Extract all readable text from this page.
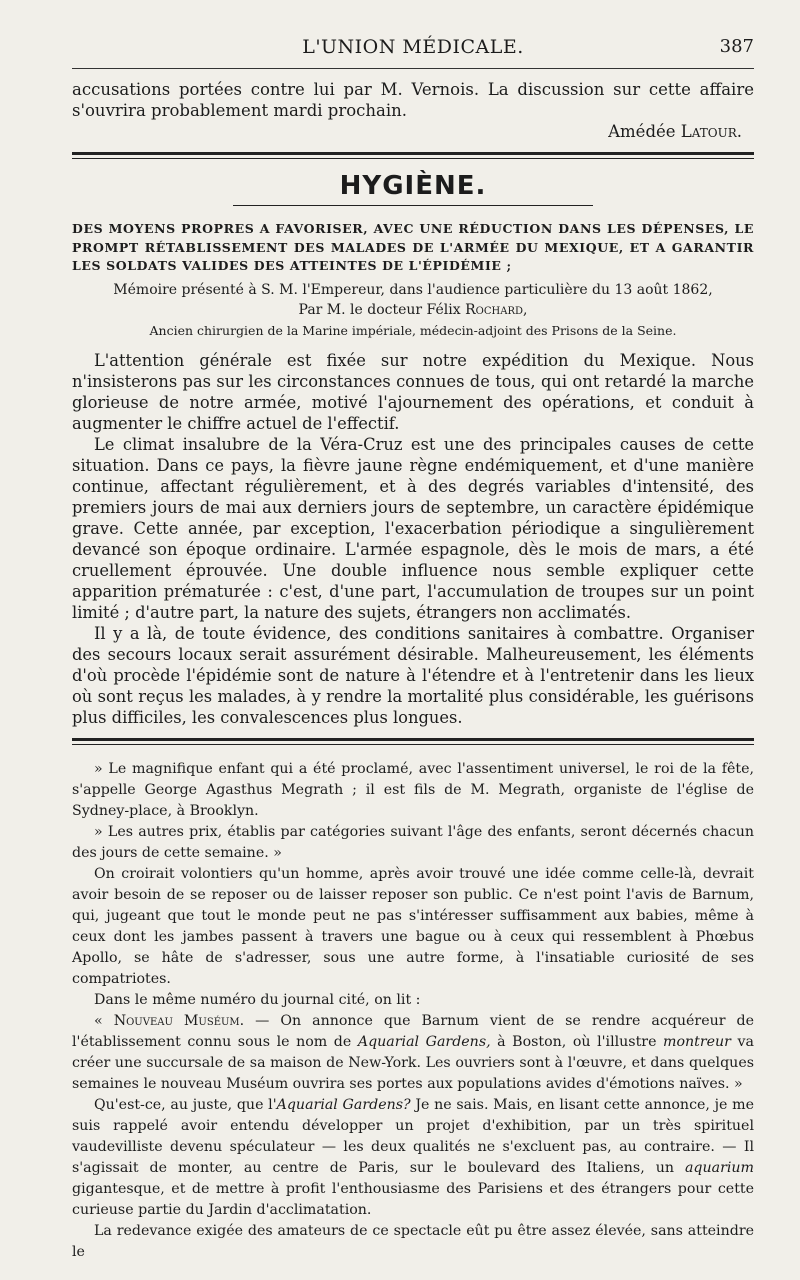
L'UNION MÉDICALE.	387

accusations portées contre lui par M. Vernois. La discussion sur cette affaire s'ouvrira probablement mardi prochain.

Amédée Latour.

HYGIÈNE.

DES MOYENS PROPRES A FAVORISER, AVEC UNE RÉDUCTION DANS LES DÉPENSES, LE PROMPT RÉTABLISSEMENT DES MALADES DE L'ARMÉE DU MEXIQUE, ET A GARANTIR LES SOLDATS VALIDES DES ATTEINTES DE L'ÉPIDÉMIE ;

Mémoire présenté à S. M. l'Empereur, dans l'audience particulière du 13 août 1862,

Par M. le docteur Félix Rochard,

Ancien chirurgien de la Marine impériale, médecin-adjoint des Prisons de la Seine.

L'attention générale est fixée sur notre expédition du Mexique. Nous n'insisterons pas sur les circonstances connues de tous, qui ont retardé la marche glorieuse de notre armée, motivé l'ajournement des opérations, et conduit à augmenter le chiffre actuel de l'effectif.

Le climat insalubre de la Véra-Cruz est une des principales causes de cette situation. Dans ce pays, la fièvre jaune règne endémiquement, et d'une manière continue, affectant régulièrement, et à des degrés variables d'intensité, des premiers jours de mai aux derniers jours de septembre, un caractère épidémique grave. Cette année, par exception, l'exacerbation périodique a singulièrement devancé son époque ordinaire. L'armée espagnole, dès le mois de mars, a été cruellement éprouvée. Une double influence nous semble expliquer cette apparition prématurée : c'est, d'une part, l'accumulation de troupes sur un point limité ; d'autre part, la nature des sujets, étrangers non acclimatés.

Il y a là, de toute évidence, des conditions sanitaires à combattre. Organiser des secours locaux serait assurément désirable. Malheureusement, les éléments d'où procède l'épidémie sont de nature à l'étendre et à l'entretenir dans les lieux où sont reçus les malades, à y rendre la mortalité plus considérable, les guérisons plus difficiles, les convalescences plus longues.

» Le magnifique enfant qui a été proclamé, avec l'assentiment universel, le roi de la fête, s'appelle George Agasthus Megrath ; il est fils de M. Megrath, organiste de l'église de Sydney-place, à Brooklyn.

» Les autres prix, établis par catégories suivant l'âge des enfants, seront décernés chacun des jours de cette semaine. »

On croirait volontiers qu'un homme, après avoir trouvé une idée comme celle-là, devrait avoir besoin de se reposer ou de laisser reposer son public. Ce n'est point l'avis de Barnum, qui, jugeant que tout le monde peut ne pas s'intéresser suffisamment aux babies, même à ceux dont les jambes passent à travers une bague ou à ceux qui ressemblent à Phœbus Apollo, se hâte de s'adresser, sous une autre forme, à l'insatiable curiosité de ses compatriotes.

Dans le même numéro du journal cité, on lit :

« Nouveau Muséum. — On annonce que Barnum vient de se rendre acquéreur de l'établissement connu sous le nom de Aquarial Gardens, à Boston, où l'illustre montreur va créer une succursale de sa maison de New-York. Les ouvriers sont à l'œuvre, et dans quelques semaines le nouveau Muséum ouvrira ses portes aux populations avides d'émotions naïves. »

Qu'est-ce, au juste, que l'Aquarial Gardens? Je ne sais. Mais, en lisant cette annonce, je me suis rappelé avoir entendu développer un projet d'exhibition, par un très spirituel vaudevilliste devenu spéculateur — les deux qualités ne s'excluent pas, au contraire. — Il s'agissait de monter, au centre de Paris, sur le boulevard des Italiens, un aquarium gigantesque, et de mettre à profit l'enthousiasme des Parisiens et des étrangers pour cette curieuse partie du Jardin d'acclimatation.

La redevance exigée des amateurs de ce spectacle eût pu être assez élevée, sans atteindre le
